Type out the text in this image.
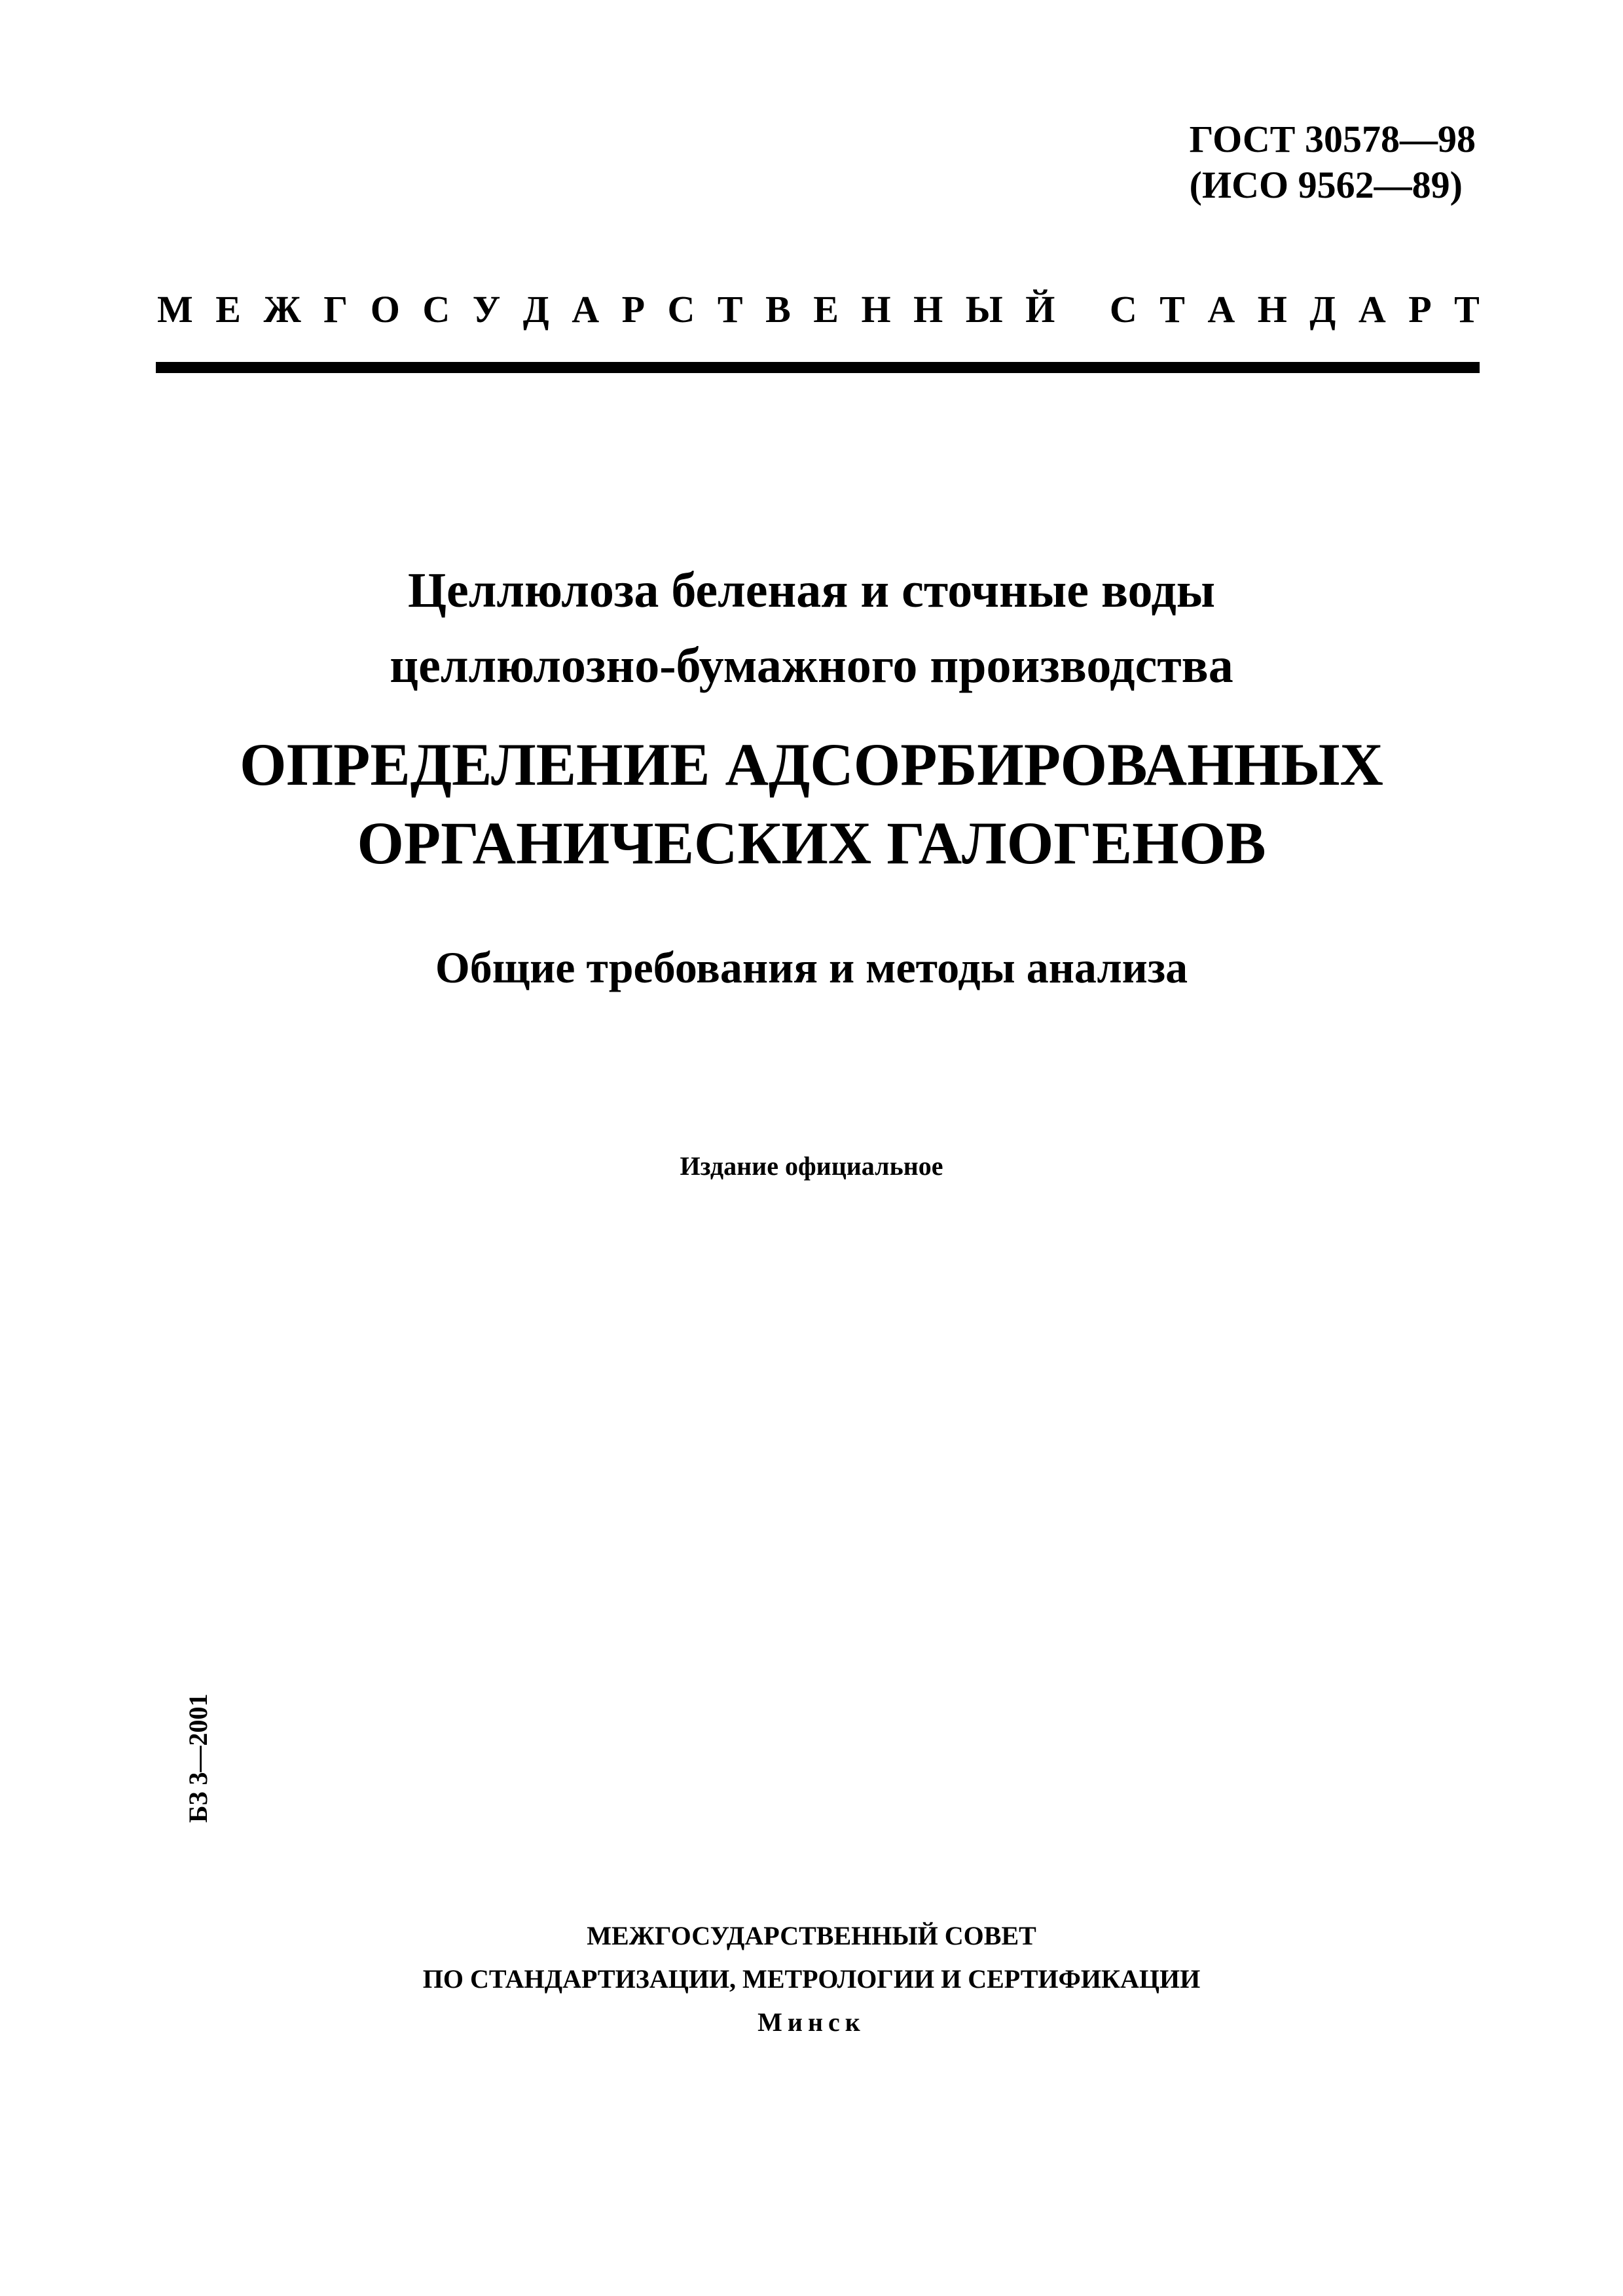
ГОСТ 30578—98
(ИСО 9562—89)
М Е Ж Г О С У Д А Р С Т В Е Н Н Ы Й
С Т А Н Д А Р Т
Целлюлоза беленая и сточные воды
целлюлозно-бумажного производства
ОПРЕДЕЛЕНИЕ АДСОРБИРОВАННЫХ
ОРГАНИЧЕСКИХ ГАЛОГЕНОВ
Общие требования и методы анализа
Издание официальное
БЗ 3—2001
МЕЖГОСУДАРСТВЕННЫЙ СОВЕТ
ПО СТАНДАРТИЗАЦИИ, МЕТРОЛОГИИ И СЕРТИФИКАЦИИ
Минск
